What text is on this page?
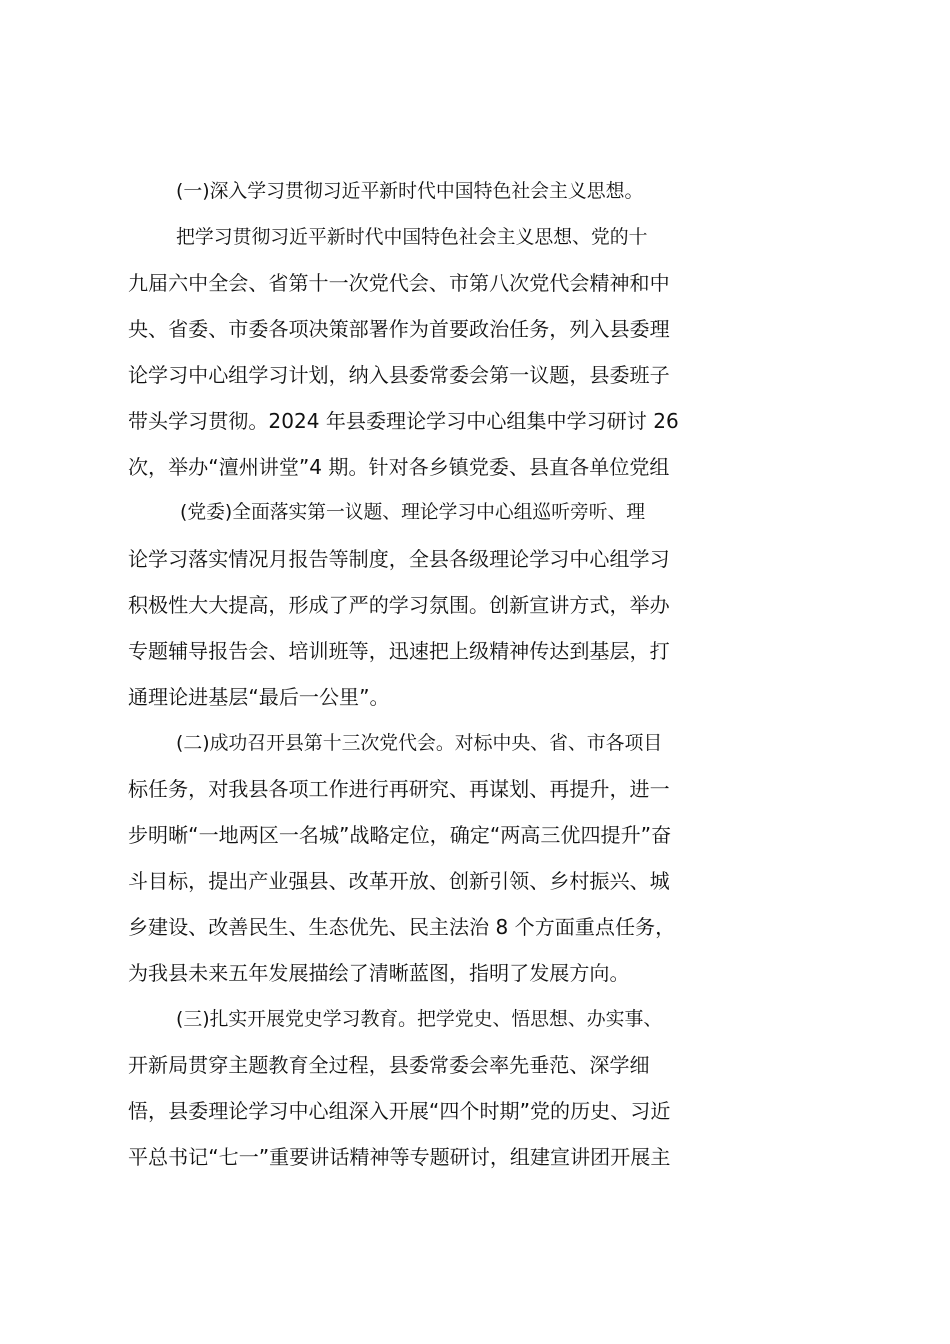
(一)深入学习贯彻习近平新时代中国特色社会主义思想。

把学习贯彻习近平新时代中国特色社会主义思想、党的十

九届六中全会、省第十一次党代会、市第八次党代会精神和中

央、省委、市委各项决策部署作为首要政治任务，列入县委理

论学习中心组学习计划，纳入县委常委会第一议题，县委班子

带头学习贯彻。2024 年县委理论学习中心组集中学习研讨 26

次，举办“澶州讲堂”4 期。针对各乡镇党委、县直各单位党组

(党委)全面落实第一议题、理论学习中心组巡听旁听、理

论学习落实情况月报告等制度，全县各级理论学习中心组学习

积极性大大提高，形成了严的学习氛围。创新宣讲方式，举办

专题辅导报告会、培训班等，迅速把上级精神传达到基层，打

通理论进基层“最后一公里”。

(二)成功召开县第十三次党代会。对标中央、省、市各项目

标任务，对我县各项工作进行再研究、再谋划、再提升，进一

步明晰“一地两区一名城”战略定位，确定“两高三优四提升”奋

斗目标，提出产业强县、改革开放、创新引领、乡村振兴、城

乡建设、改善民生、生态优先、民主法治 8 个方面重点任务，

为我县未来五年发展描绘了清晰蓝图，指明了发展方向。

(三)扎实开展党史学习教育。把学党史、悟思想、办实事、

开新局贯穿主题教育全过程，县委常委会率先垂范、深学细

悟，县委理论学习中心组深入开展“四个时期”党的历史、习近

平总书记“七一”重要讲话精神等专题研讨，组建宣讲团开展主
